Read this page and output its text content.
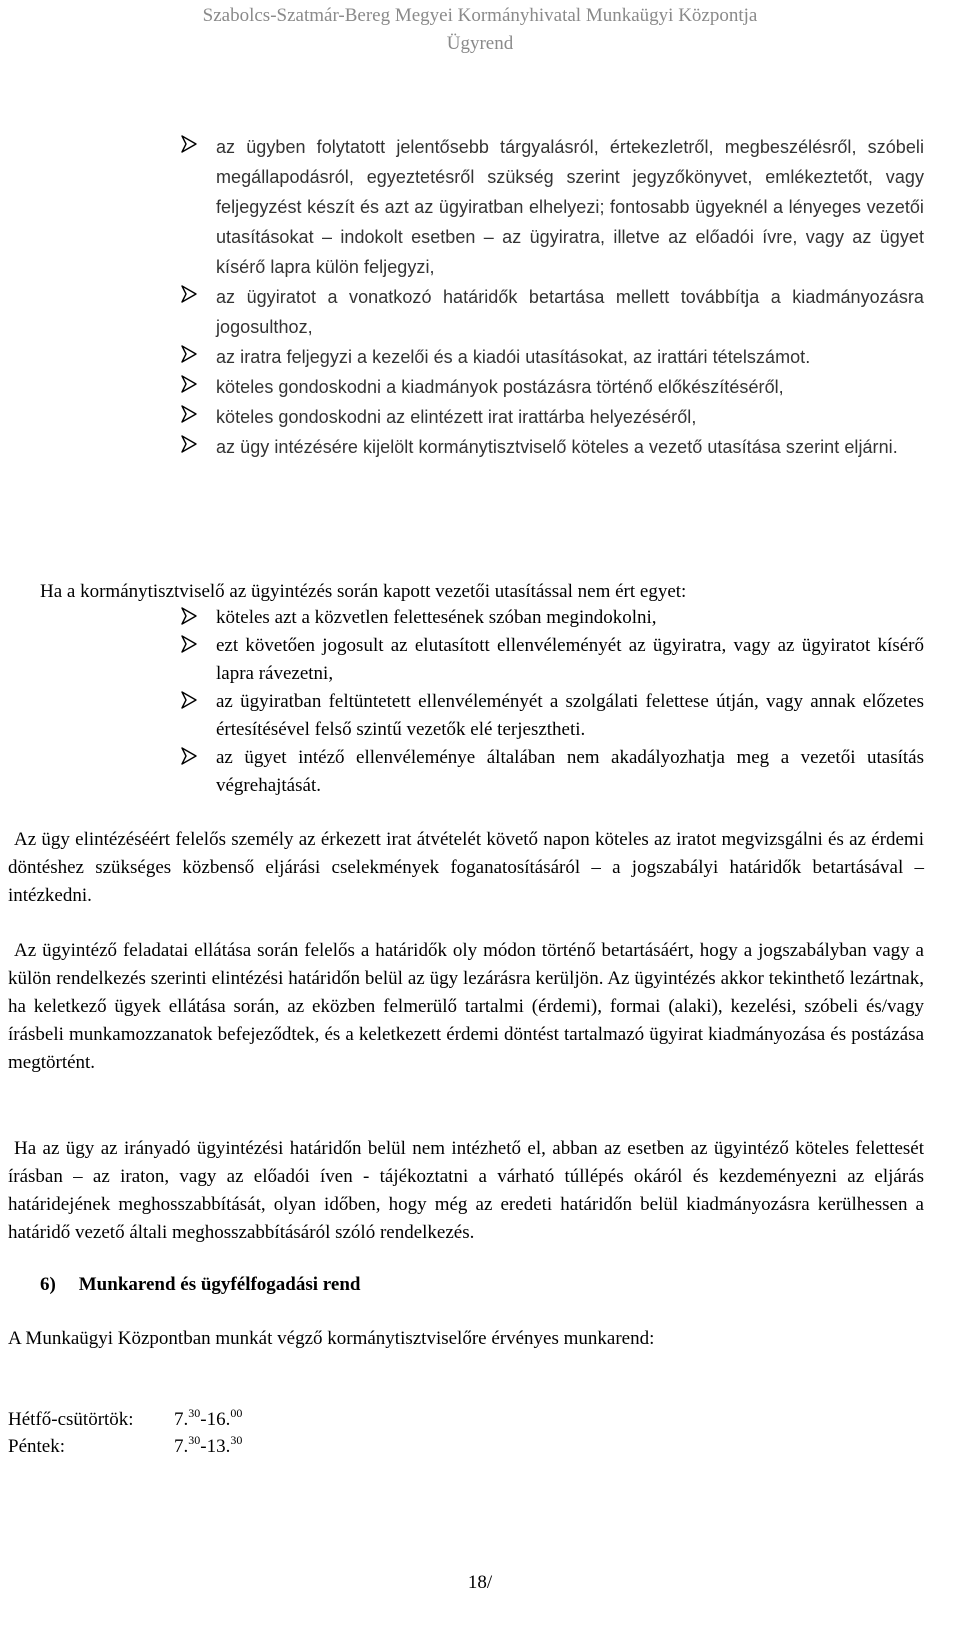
Szabolcs-Szatmár-Bereg Megyei Kormányhivatal Munkaügyi Központja
Ügyrend
az ügyben folytatott jelentősebb tárgyalásról, értekezletről, megbeszélésről, szóbeli megállapodásról, egyeztetésről szükség szerint jegyzőkönyvet, emlékeztetőt, vagy feljegyzést készít és azt az ügyiratban elhelyezi; fontosabb ügyeknél a lényeges vezetői utasításokat – indokolt esetben – az ügyiratra, illetve az előadói ívre, vagy az ügyet kísérő lapra külön feljegyzi,
az ügyiratot a vonatkozó határidők betartása mellett továbbítja a kiadmányozásra jogosulthoz,
az iratra feljegyzi a kezelői és a kiadói utasításokat, az irattári tételszámot.
köteles gondoskodni a kiadmányok postázásra történő előkészítéséről,
köteles gondoskodni az elintézett irat irattárba helyezéséről,
az ügy intézésére kijelölt kormánytisztviselő köteles a vezető utasítása szerint eljárni.
Ha a kormánytisztviselő az ügyintézés során kapott vezetői utasítással nem ért egyet:
köteles azt a közvetlen felettesének szóban megindokolni,
ezt követően jogosult az elutasított ellenvéleményét az ügyiratra, vagy az ügyiratot kísérő lapra rávezetni,
az ügyiratban feltüntetett ellenvéleményét a szolgálati felettese útján, vagy annak előzetes értesítésével felső szintű vezetők elé terjesztheti.
az ügyet intéző ellenvéleménye általában nem akadályozhatja meg a vezetői utasítás végrehajtását.
Az ügy elintézéséért felelős személy az érkezett irat átvételét követő napon köteles az iratot megvizsgálni és az érdemi döntéshez szükséges közbenső eljárási cselekmények foganatosításáról – a jogszabályi határidők betartásával – intézkedni.
Az ügyintéző feladatai ellátása során felelős a határidők oly módon történő betartásáért, hogy a jogszabályban vagy a külön rendelkezés szerinti elintézési határidőn belül az ügy lezárásra kerüljön. Az ügyintézés akkor tekinthető lezártnak, ha keletkező ügyek ellátása során, az eközben felmerülő tartalmi (érdemi), formai (alaki), kezelési, szóbeli és/vagy írásbeli munkamozzanatok befejeződtek, és a keletkezett érdemi döntést tartalmazó ügyirat kiadmányozása és postázása megtörtént.
Ha az ügy az irányadó ügyintézési határidőn belül nem intézhető el, abban az esetben az ügyintéző köteles felettesét írásban – az iraton, vagy az előadói íven - tájékoztatni a várható túllépés okáról és kezdeményezni az eljárás határidejének meghosszabbítását, olyan időben, hogy még az eredeti határidőn belül kiadmányozásra kerülhessen a határidő vezető általi meghosszabbításáról szóló rendelkezés.
6) Munkarend és ügyfélfogadási rend
A Munkaügyi Központban munkát végző kormánytisztviselőre érvényes munkarend:
Hétfő-csütörtök: 7.30-16.00
Péntek:	7.30-13.30
18/
